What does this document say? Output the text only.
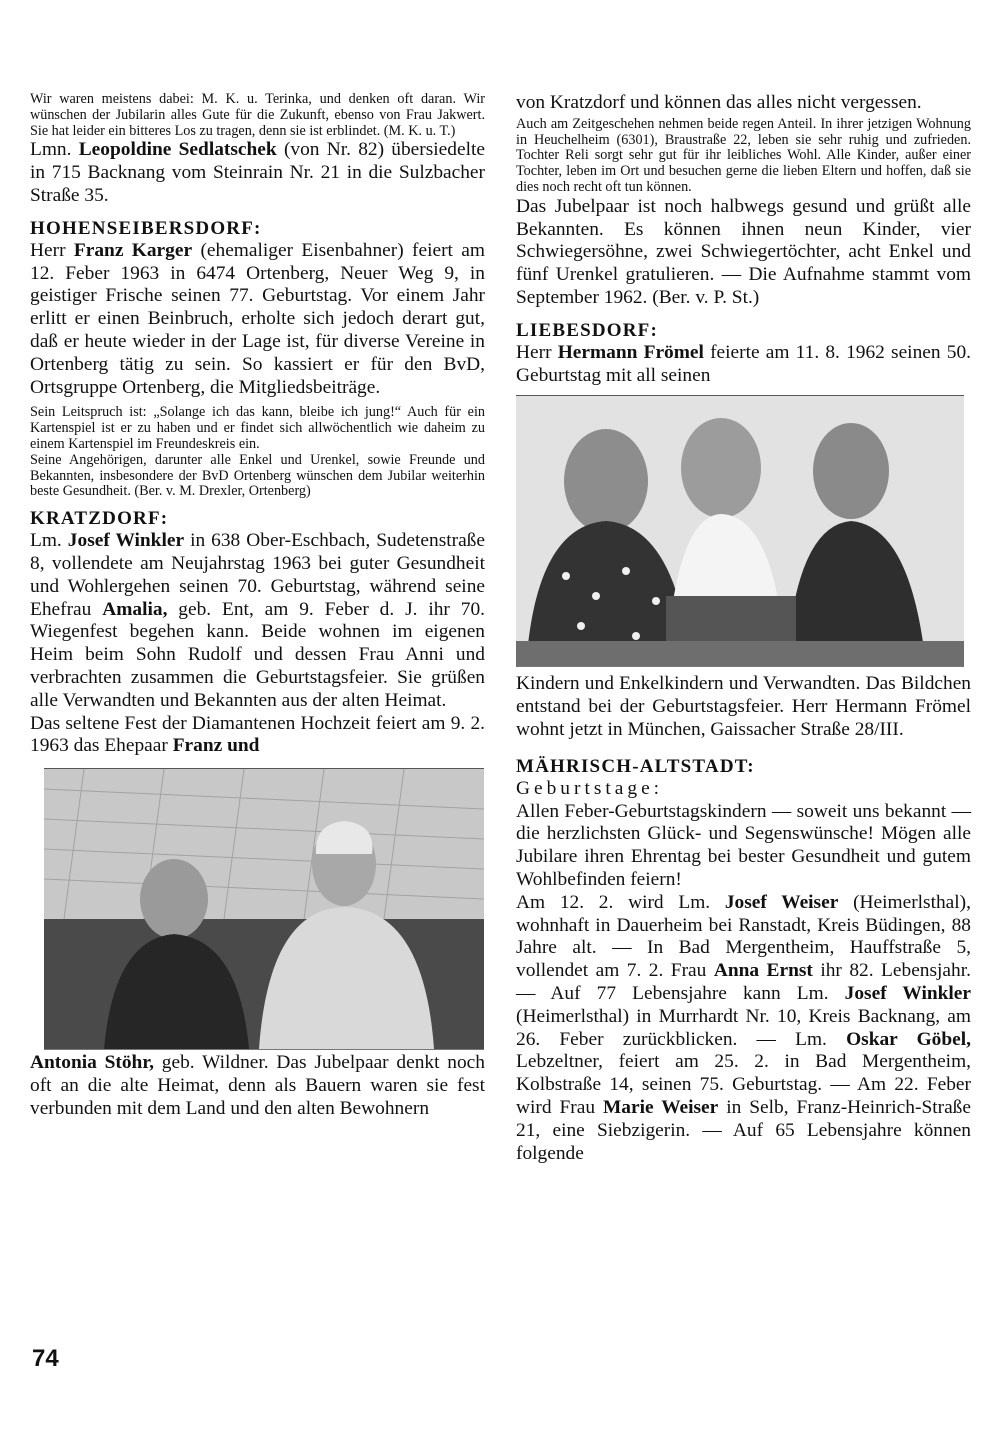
Wir waren meistens dabei: M. K. u. Terinka, und denken oft daran. Wir wünschen der Jubilarin alles Gute für die Zukunft, ebenso von Frau Jakwert. Sie hat leider ein bitteres Los zu tragen, denn sie ist erblindet. (M. K. u. T.)

Lmn. Leopoldine Sedlatschek (von Nr. 82) übersiedelte in 715 Backnang vom Steinrain Nr. 21 in die Sulzbacher Straße 35.

HOHENSEIBERSDORF:

Herr Franz Karger (ehemaliger Eisenbahner) feiert am 12. Feber 1963 in 6474 Ortenberg, Neuer Weg 9, in geistiger Frische seinen 77. Geburtstag. Vor einem Jahr erlitt er einen Beinbruch, erholte sich jedoch derart gut, daß er heute wieder in der Lage ist, für diverse Vereine in Ortenberg tätig zu sein. So kassiert er für den BvD, Ortsgruppe Ortenberg, die Mitgliedsbeiträge.

Sein Leitspruch ist: „Solange ich das kann, bleibe ich jung!“ Auch für ein Kartenspiel ist er zu haben und er findet sich allwöchentlich wie daheim zu einem Kartenspiel im Freundeskreis ein.

Seine Angehörigen, darunter alle Enkel und Urenkel, sowie Freunde und Bekannten, insbesondere der BvD Ortenberg wünschen dem Jubilar weiterhin beste Gesundheit. (Ber. v. M. Drexler, Ortenberg)

KRATZDORF:

Lm. Josef Winkler in 638 Ober-Eschbach, Sudetenstraße 8, vollendete am Neujahrstag 1963 bei guter Gesundheit und Wohlergehen seinen 70. Geburtstag, während seine Ehefrau Amalia, geb. Ent, am 9. Feber d. J. ihr 70. Wiegenfest begehen kann. Beide wohnen im eigenen Heim beim Sohn Rudolf und dessen Frau Anni und verbrachten zusammen die Geburtstagsfeier. Sie grüßen alle Verwandten und Bekannten aus der alten Heimat.

Das seltene Fest der Diamantenen Hochzeit feiert am 9. 2. 1963 das Ehepaar Franz und

Antonia Stöhr, geb. Wildner. Das Jubelpaar denkt noch oft an die alte Heimat, denn als Bauern waren sie fest verbunden mit dem Land und den alten Bewohnern

von Kratzdorf und können das alles nicht vergessen.

Auch am Zeitgeschehen nehmen beide regen Anteil. In ihrer jetzigen Wohnung in Heuchelheim (6301), Braustraße 22, leben sie sehr ruhig und zufrieden. Tochter Reli sorgt sehr gut für ihr leibliches Wohl. Alle Kinder, außer einer Tochter, leben im Ort und besuchen gerne die lieben Eltern und hoffen, daß sie dies noch recht oft tun können.

Das Jubelpaar ist noch halbwegs gesund und grüßt alle Bekannten. Es können ihnen neun Kinder, vier Schwiegersöhne, zwei Schwiegertöchter, acht Enkel und fünf Urenkel gratulieren. — Die Aufnahme stammt vom September 1962. (Ber. v. P. St.)

LIEBESDORF:

Herr Hermann Frömel feierte am 11. 8. 1962 seinen 50. Geburtstag mit all seinen

Kindern und Enkelkindern und Verwandten. Das Bildchen entstand bei der Geburtstagsfeier. Herr Hermann Frömel wohnt jetzt in München, Gaissacher Straße 28/III.

MÄHRISCH-ALTSTADT:

Geburtstage:

Allen Feber-Geburtstagskindern — soweit uns bekannt — die herzlichsten Glück- und Segenswünsche! Mögen alle Jubilare ihren Ehrentag bei bester Gesundheit und gutem Wohlbefinden feiern!

Am 12. 2. wird Lm. Josef Weiser (Heimerlsthal), wohnhaft in Dauerheim bei Ranstadt, Kreis Büdingen, 88 Jahre alt. — In Bad Mergentheim, Hauffstraße 5, vollendet am 7. 2. Frau Anna Ernst ihr 82. Lebensjahr. — Auf 77 Lebensjahre kann Lm. Josef Winkler (Heimerlsthal) in Murrhardt Nr. 10, Kreis Backnang, am 26. Feber zurückblicken. — Lm. Oskar Göbel, Lebzeltner, feiert am 25. 2. in Bad Mergentheim, Kolbstraße 14, seinen 75. Geburtstag. — Am 22. Feber wird Frau Marie Weiser in Selb, Franz-Heinrich-Straße 21, eine Siebzigerin. — Auf 65 Lebensjahre können folgende

74
